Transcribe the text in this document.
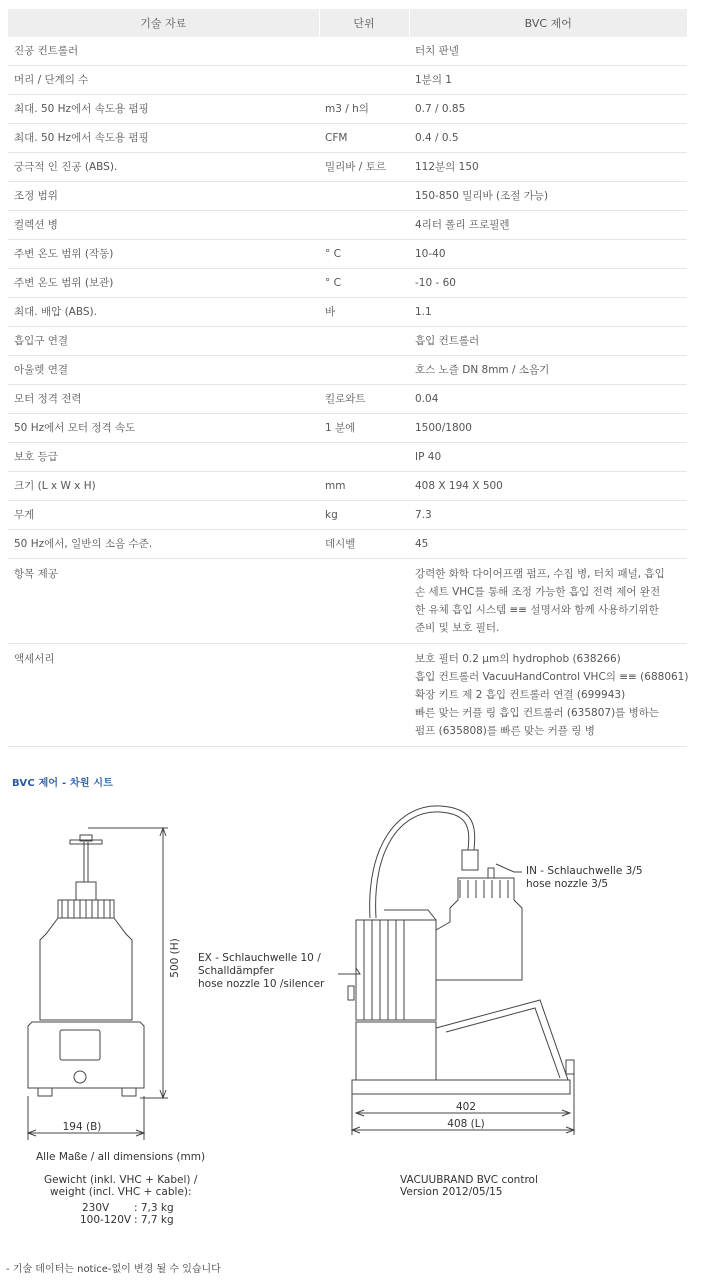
기술 자료	단위	BVC 제어
진공 컨트롤러		터치 판넬
머리 / 단계의 수		1분의 1
최대. 50 Hz에서 속도용 펌핑	m3 / h의	0.7 / 0.85
최대. 50 Hz에서 속도용 펌핑	CFM	0.4 / 0.5
궁극적 인 진공 (ABS).	밀리바 / 토르	112분의 150
조정 범위		150-850 밀리바 (조절 가능)
컬렉션 병		4리터 폴리 프로필렌
주변 온도 범위 (작동)	° C	10-40
주변 온도 범위 (보관)	° C	-10 - 60
최대. 배압 (ABS).	바	1.1
흡입구 연결		흡입 컨트롤러
아울렛 연결		호스 노즐 DN 8mm / 소음기
모터 정격 전력	킬로와트	0.04
50 Hz에서 모터 정격 속도	1 분에	1500/1800
보호 등급		IP 40
크기 (L x W x H)	mm	408 X 194 X 500
무게	kg	7.3
50 Hz에서, 일반의 소음 수준.	데시벨	45
항목 제공		강력한 화학 다이어프램 펌프, 수집 병, 터치 패널, 흡입
손 세트 VHC를 통해 조정 가능한 흡입 전력 제어 완전
한 유체 흡입 시스템 ≡≡ 설명서와 함께 사용하기위한
준비 및 보호 필터.

액세서리		보호 필터 0.2 μm의 hydrophob (638266)
흡입 컨트롤러 VacuuHandControl VHC의 ≡≡ (688061)
확장 키트 제 2 흡입 컨트롤러 연결 (699943)
빠른 맞는 커플 링 흡입 컨트롤러 (635807)를 병하는
펌프 (635808)를 빠른 맞는 커플 링 병
BVC 제어 - 차원 시트
500 (H)
194 (B)
402
408 (L)
IN - Schlauchwelle 3/5
hose nozzle 3/5
EX - Schlauchwelle 10 /
Schalldämpfer
hose nozzle 10 /silencer
Alle Maße / all dimensions (mm)
Gewicht (inkl. VHC + Kabel) /
weight (incl. VHC + cable):
230V : 7,3 kg
100-120V : 7,7 kg
VACUUBRAND BVC control
Version 2012/05/15
- 기술 데이터는 notice-없이 변경 될 수 있습니다
